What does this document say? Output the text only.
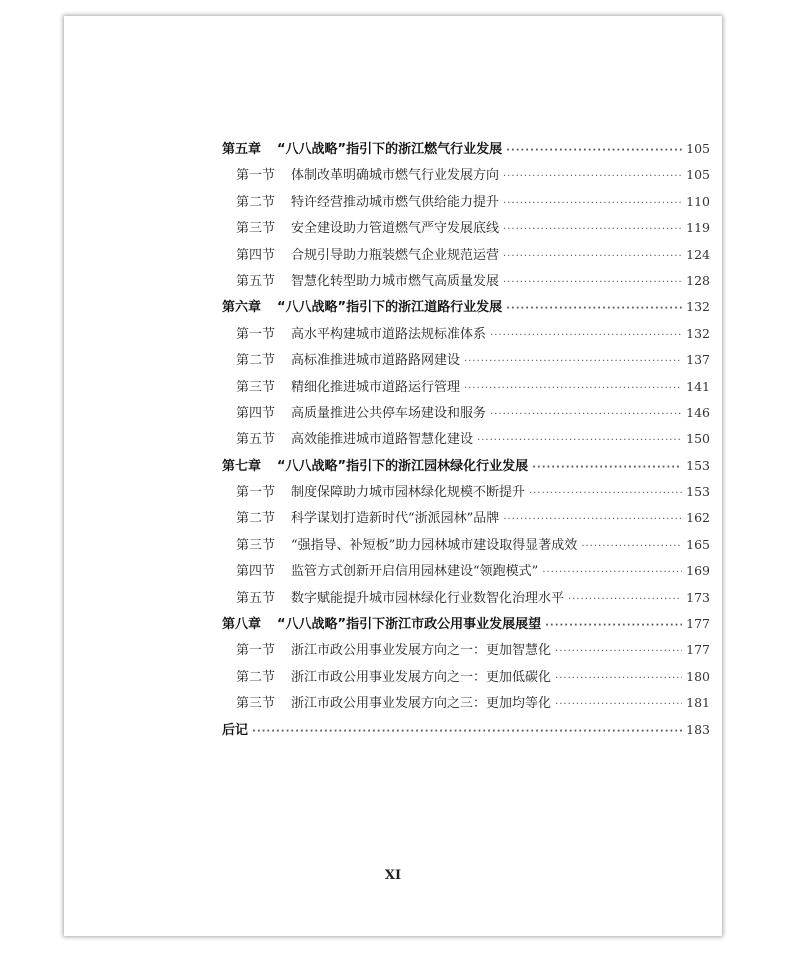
第五章 “八八战略”指引下的浙江燃气行业发展 ·····	105
第一节 体制改革明确城市燃气行业发展方向 ·····	105
第二节 特许经营推动城市燃气供给能力提升 ·····	110
第三节 安全建设助力管道燃气严守发展底线 ·····	119
第四节 合规引导助力瓶装燃气企业规范运营 ·····	124
第五节 智慧化转型助力城市燃气高质量发展 ·····	128
第六章 “八八战略”指引下的浙江道路行业发展 ·····	132
第一节 高水平构建城市道路法规标准体系 ·····	132
第二节 高标准推进城市道路路网建设 ·····	137
第三节 精细化推进城市道路运行管理 ·····	141
第四节 高质量推进公共停车场建设和服务 ·····	146
第五节 高效能推进城市道路智慧化建设 ·····	150
第七章 “八八战略”指引下的浙江园林绿化行业发展 ·····	153
第一节 制度保障助力城市园林绿化规模不断提升 ·····	153
第二节 科学谋划打造新时代“浙派园林”品牌 ·····	162
第三节 “强指导、补短板”助力园林城市建设取得显著成效 ·····	165
第四节 监管方式创新开启信用园林建设“领跑模式” ·····	169
第五节 数字赋能提升城市园林绿化行业数智化治理水平 ·····	173
第八章 “八八战略”指引下浙江市政公用事业发展展望 ·····	177
第一节 浙江市政公用事业发展方向之一：更加智慧化 ·····	177
第二节 浙江市政公用事业发展方向之一：更加低碳化 ·····	180
第三节 浙江市政公用事业发展方向之三：更加均等化 ·····	181
后记 ·····	183
XI
